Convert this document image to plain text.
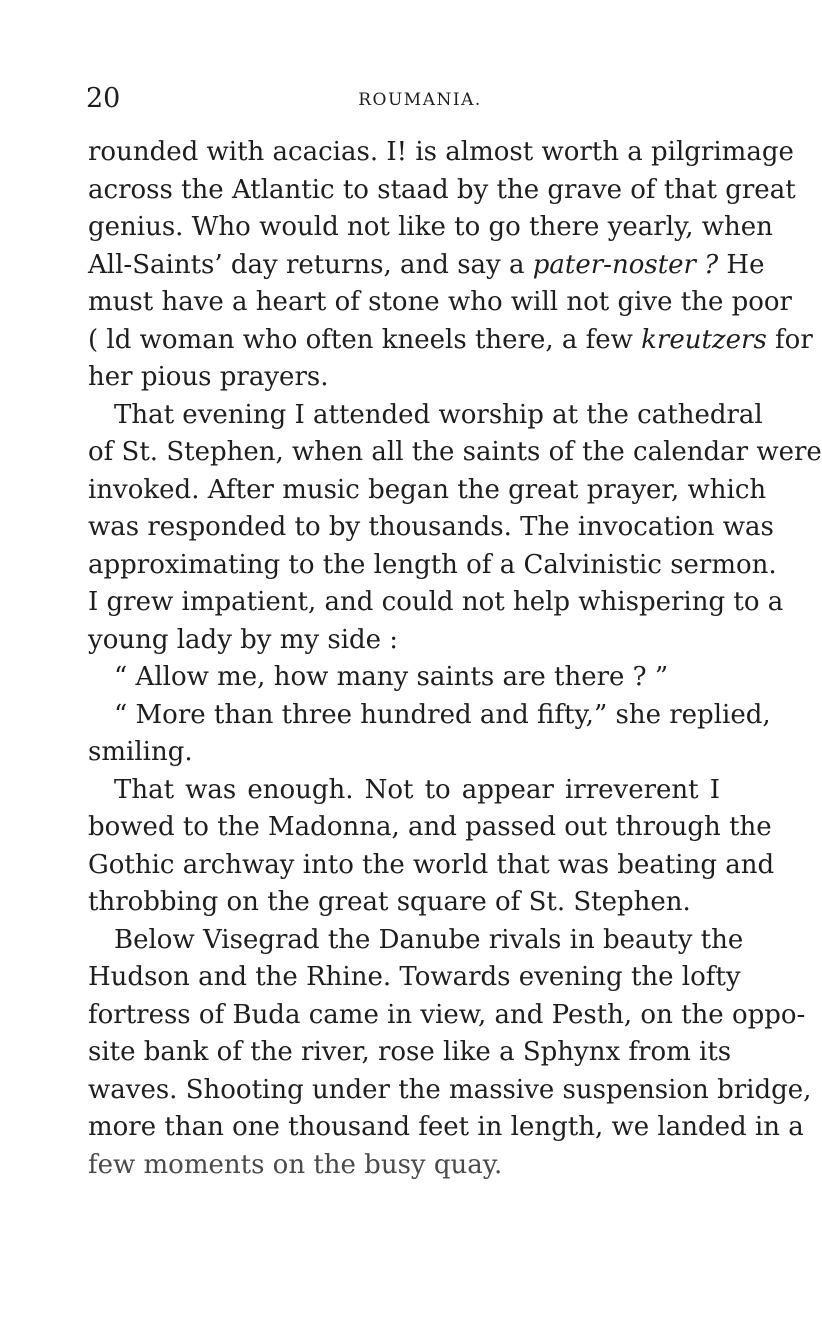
20	ROUMANIA.
rounded with acacias. I! is almost worth a pilgrimage
across the Atlantic to staad by the grave of that great
genius. Who would not like to go there yearly, when
All-Saints’ day returns, and say a pater-noster ? He
must have a heart of stone who will not give the poor
( ld woman who often kneels there, a few kreutzers for
her pious prayers.
That evening I attended worship at the cathedral
of St. Stephen, when all the saints of the calendar were
invoked. After music began the great prayer, which
was responded to by thousands. The invocation was
approximating to the length of a Calvinistic sermon.
I grew impatient, and could not help whispering to a
young lady by my side :
“ Allow me, how many saints are there ? ”
“ More than three hundred and fifty,” she replied,
smiling.
That was enough. Not to appear irreverent I
bowed to the Madonna, and passed out through the
Gothic archway into the world that was beating and
throbbing on the great square of St. Stephen.
Below Visegrad the Danube rivals in beauty the
Hudson and the Rhine. Towards evening the lofty
fortress of Buda came in view, and Pesth, on the oppo-
site bank of the river, rose like a Sphynx from its
waves. Shooting under the massive suspension bridge,
more than one thousand feet in length, we landed in a
few moments on the busy quay.
